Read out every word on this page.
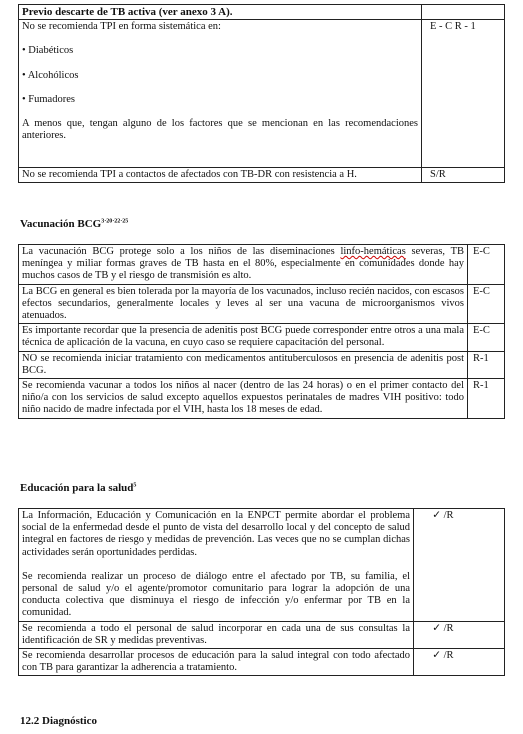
Previo descarte de TB activa (ver anexo 3 A).	

No se recomienda TPI en forma sistemática en:

• Diabéticos

• Alcohólicos

• Fumadores

A menos que, tengan alguno de los factores que se mencionan en las recomendaciones anteriores.	E - C R - 1
No se recomienda TPI a contactos de afectados con TB-DR con resistencia a H.	S/R
Vacunación $BCG^{3\cdot 20\cdot 22\cdot 25}$
La vacunación BCG protege solo a los niños de las diseminaciones linfo-hemáticas severas, TB meníngea y miliar formas graves de TB hasta en el 80%, especialmente en comunidades donde hay muchos casos de TB y el riesgo de transmisión es alto.	E-C
La BCG en general es bien tolerada por la mayoría de los vacunados, incluso recién nacidos, con escasos efectos secundarios, generalmente locales y leves al ser una vacuna de microorganismos vivos atenuados.	E-C
Es importante recordar que la presencia de adenitis post BCG puede corresponder entre otros a una mala técnica de aplicación de la vacuna, en cuyo caso se requiere capacitación del personal.	E-C
NO se recomienda iniciar tratamiento con medicamentos antituberculosos en presencia de adenitis post BCG.	R-1
Se recomienda vacunar a todos los niños al nacer (dentro de las 24 horas) o en el primer contacto del niño/a con los servicios de salud excepto aquellos expuestos perinatales de madres VIH positivo: todo niño nacido de madre infectada por el VIH, hasta los 18 meses de edad.	R-1
Educación para la salud$^5$

La Información, Educación y Comunicación en la ENPCT permite abordar el problema social de la enfermedad desde el punto de vista del desarrollo local y del concepto de salud integral en factores de riesgo y medidas de prevención. Las veces que no se cumplan dichas actividades serán oportunidades perdidas.

Se recomienda realizar un proceso de diálogo entre el afectado por TB, su familia, el personal de salud y/o el agente/promotor comunitario para lograr la adopción de una conducta colectiva que disminuya el riesgo de infección y/o enfermar por TB en la comunidad.	✓ /R
Se recomienda a todo el personal de salud incorporar en cada una de sus consultas la identificación de SR y medidas preventivas.	✓ /R
Se recomienda desarrollar procesos de educación para la salud integral con todo afectado con TB para garantizar la adherencia a tratamiento.	✓ /R
12.2 Diagnóstico
